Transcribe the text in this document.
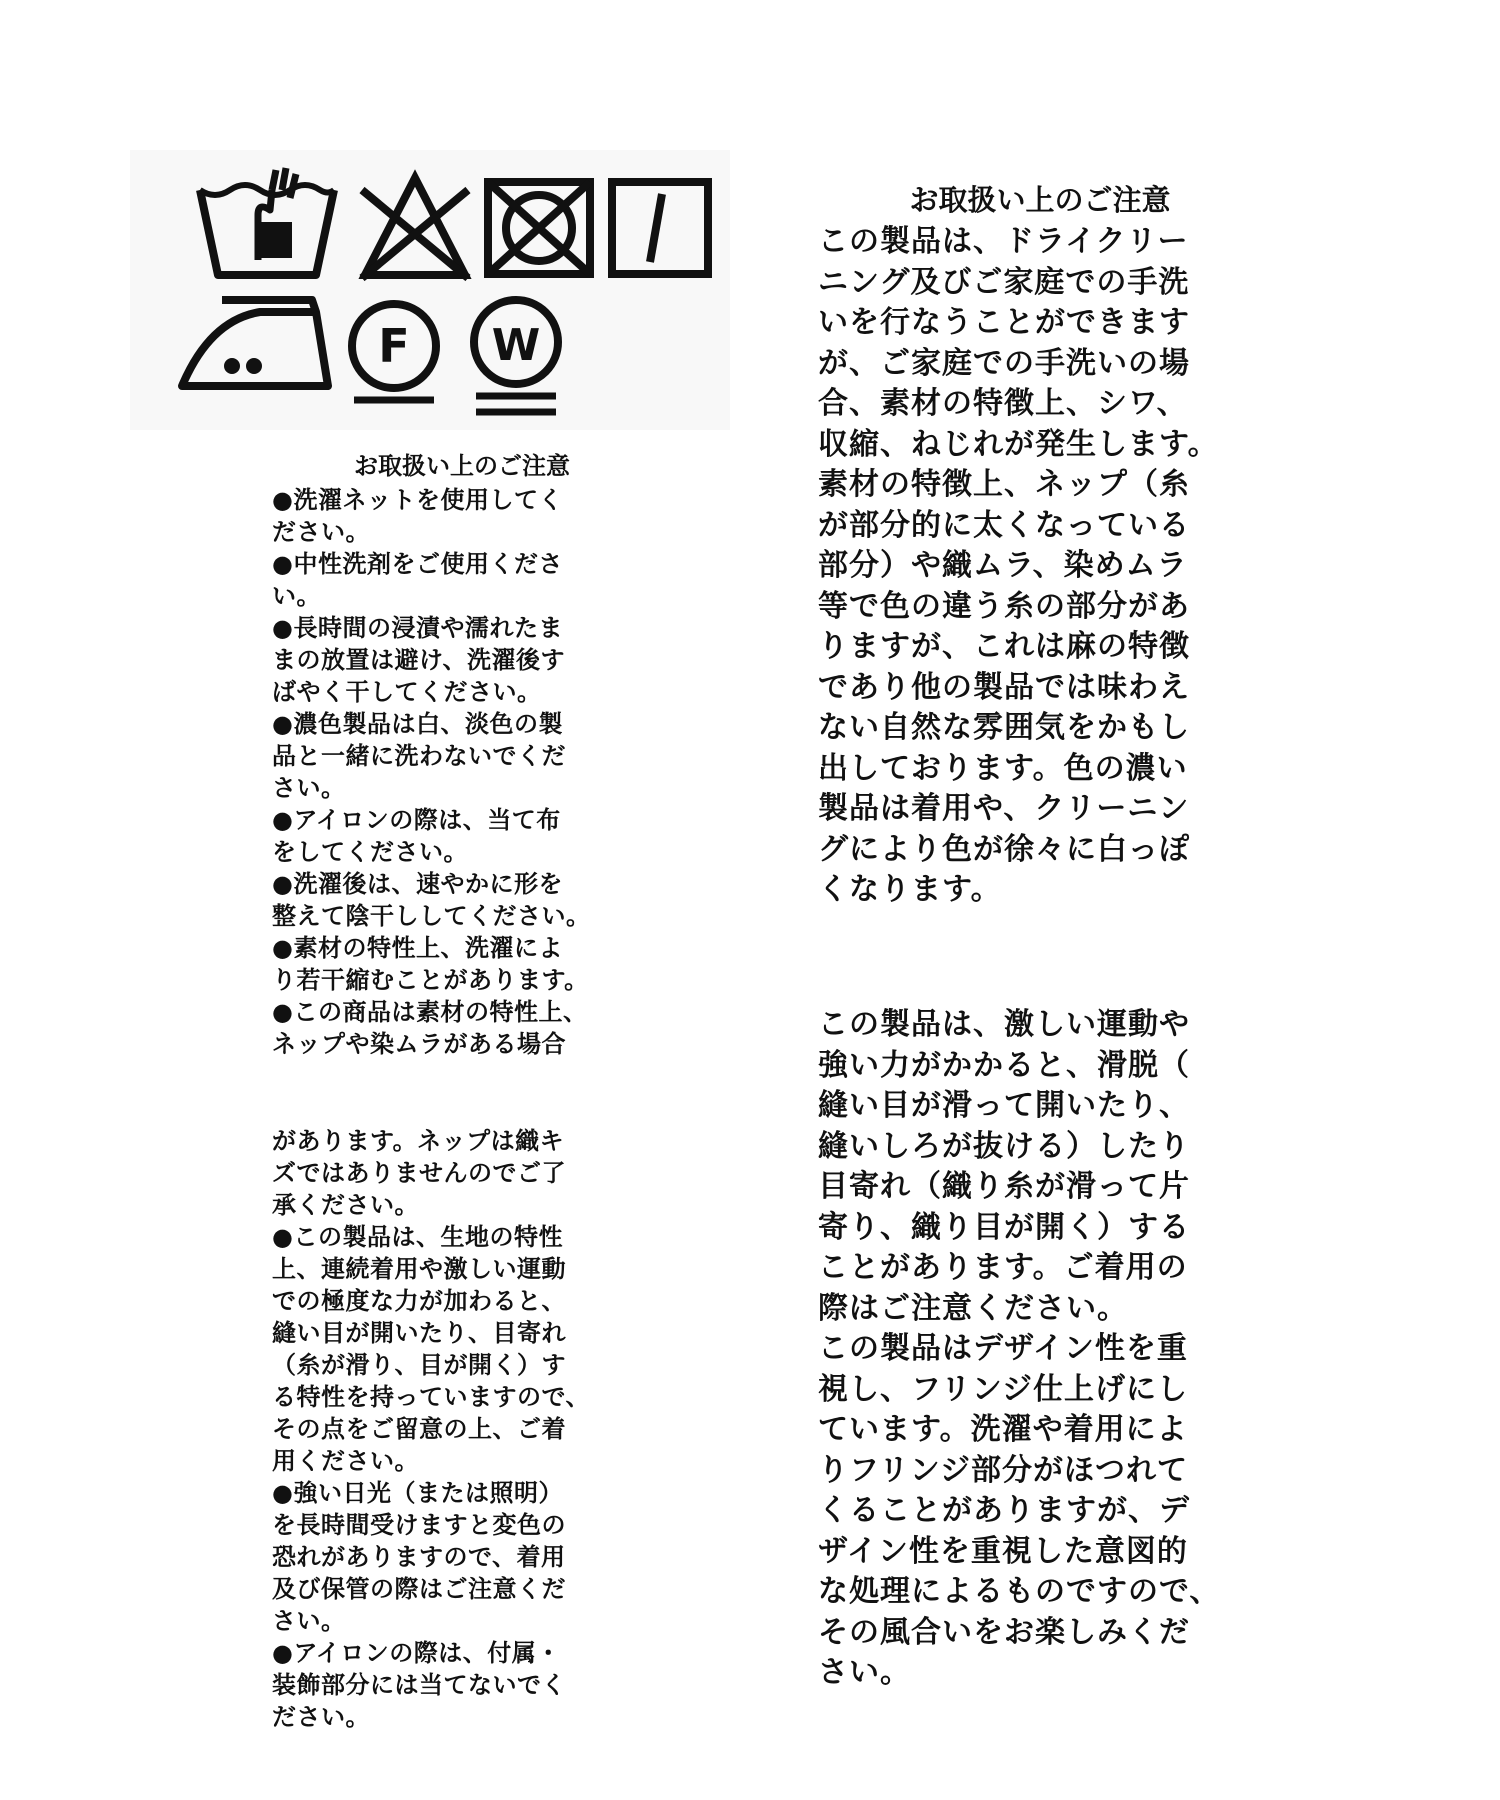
F W
お取扱い上のご注意
●洗濯ネットを使用してく
ださい。
●中性洗剤をご使用くださ
い。
●長時間の浸漬や濡れたま
まの放置は避け、洗濯後す
ばやく干してください。
●濃色製品は白、淡色の製
品と一緒に洗わないでくだ
さい。
●アイロンの際は、当て布
をしてください。
●洗濯後は、速やかに形を
整えて陰干ししてください。
●素材の特性上、洗濯によ
り若干縮むことがあります。
●この商品は素材の特性上、
ネップや染ムラがある場合
があります。ネップは織キ
ズではありませんのでご了
承ください。
●この製品は、生地の特性
上、連続着用や激しい運動
での極度な力が加わると、
縫い目が開いたり、目寄れ
（糸が滑り、目が開く）す
る特性を持っていますので、
その点をご留意の上、ご着
用ください。
●強い日光（または照明）
を長時間受けますと変色の
恐れがありますので、着用
及び保管の際はご注意くだ
さい。
●アイロンの際は、付属・
装飾部分には当てないでく
ださい。
お取扱い上のご注意
この製品は、ドライクリー
ニング及びご家庭での手洗
いを行なうことができます
が、ご家庭での手洗いの場
合、素材の特徴上、シワ、
収縮、ねじれが発生します。
素材の特徴上、ネップ（糸
が部分的に太くなっている
部分）や織ムラ、染めムラ
等で色の違う糸の部分があ
りますが、これは麻の特徴
であり他の製品では味わえ
ない自然な雰囲気をかもし
出しております。色の濃い
製品は着用や、クリーニン
グにより色が徐々に白っぽ
くなります。
この製品は、激しい運動や
強い力がかかると、滑脱（
縫い目が滑って開いたり、
縫いしろが抜ける）したり
目寄れ（織り糸が滑って片
寄り、織り目が開く）する
ことがあります。ご着用の
際はご注意ください。
この製品はデザイン性を重
視し、フリンジ仕上げにし
ています。洗濯や着用によ
りフリンジ部分がほつれて
くることがありますが、デ
ザイン性を重視した意図的
な処理によるものですので、
その風合いをお楽しみくだ
さい。
